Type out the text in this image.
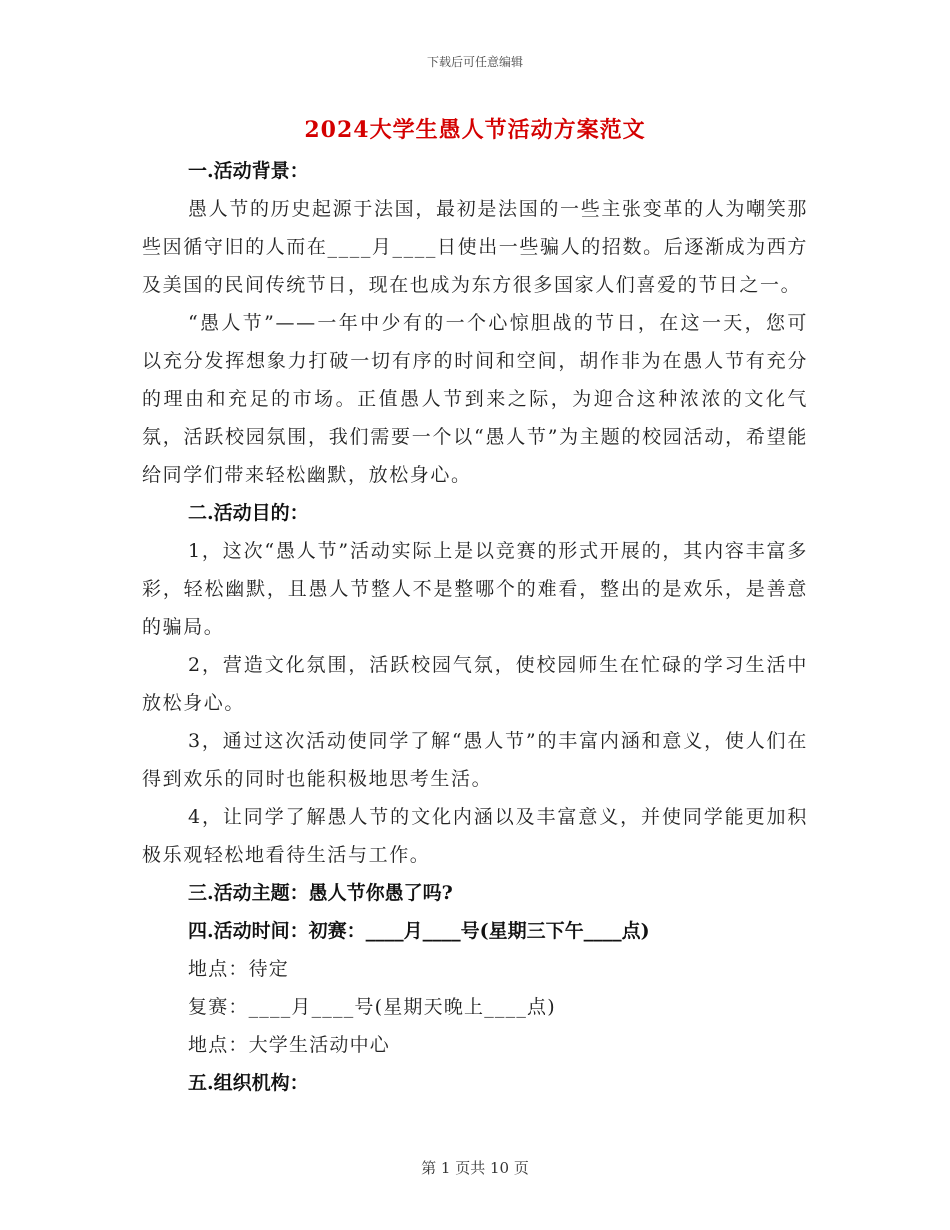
下载后可任意编辑
2024大学生愚人节活动方案范文
一.活动背景：

愚人节的历史起源于法国，最初是法国的一些主张变革的人为嘲笑那些因循守旧的人而在____月____日使出一些骗人的招数。后逐渐成为西方及美国的民间传统节日，现在也成为东方很多国家人们喜爱的节日之一。

“愚人节”——一年中少有的一个心惊胆战的节日，在这一天，您可以充分发挥想象力打破一切有序的时间和空间，胡作非为在愚人节有充分的理由和充足的市场。正值愚人节到来之际，为迎合这种浓浓的文化气氛，活跃校园氛围，我们需要一个以“愚人节”为主题的校园活动，希望能给同学们带来轻松幽默，放松身心。

二.活动目的：

1，这次“愚人节”活动实际上是以竞赛的形式开展的，其内容丰富多彩，轻松幽默，且愚人节整人不是整哪个的难看，整出的是欢乐，是善意的骗局。

2，营造文化氛围，活跃校园气氛，使校园师生在忙碌的学习生活中放松身心。

3，通过这次活动使同学了解“愚人节”的丰富内涵和意义，使人们在得到欢乐的同时也能积极地思考生活。

4，让同学了解愚人节的文化内涵以及丰富意义，并使同学能更加积极乐观轻松地看待生活与工作。

三.活动主题：愚人节你愚了吗?
四.活动时间：初赛：____月____号(星期三下午____点)
地点：待定
复赛：____月____号(星期天晚上____点)
地点：大学生活动中心
五.组织机构：
第 1 页共 10 页
